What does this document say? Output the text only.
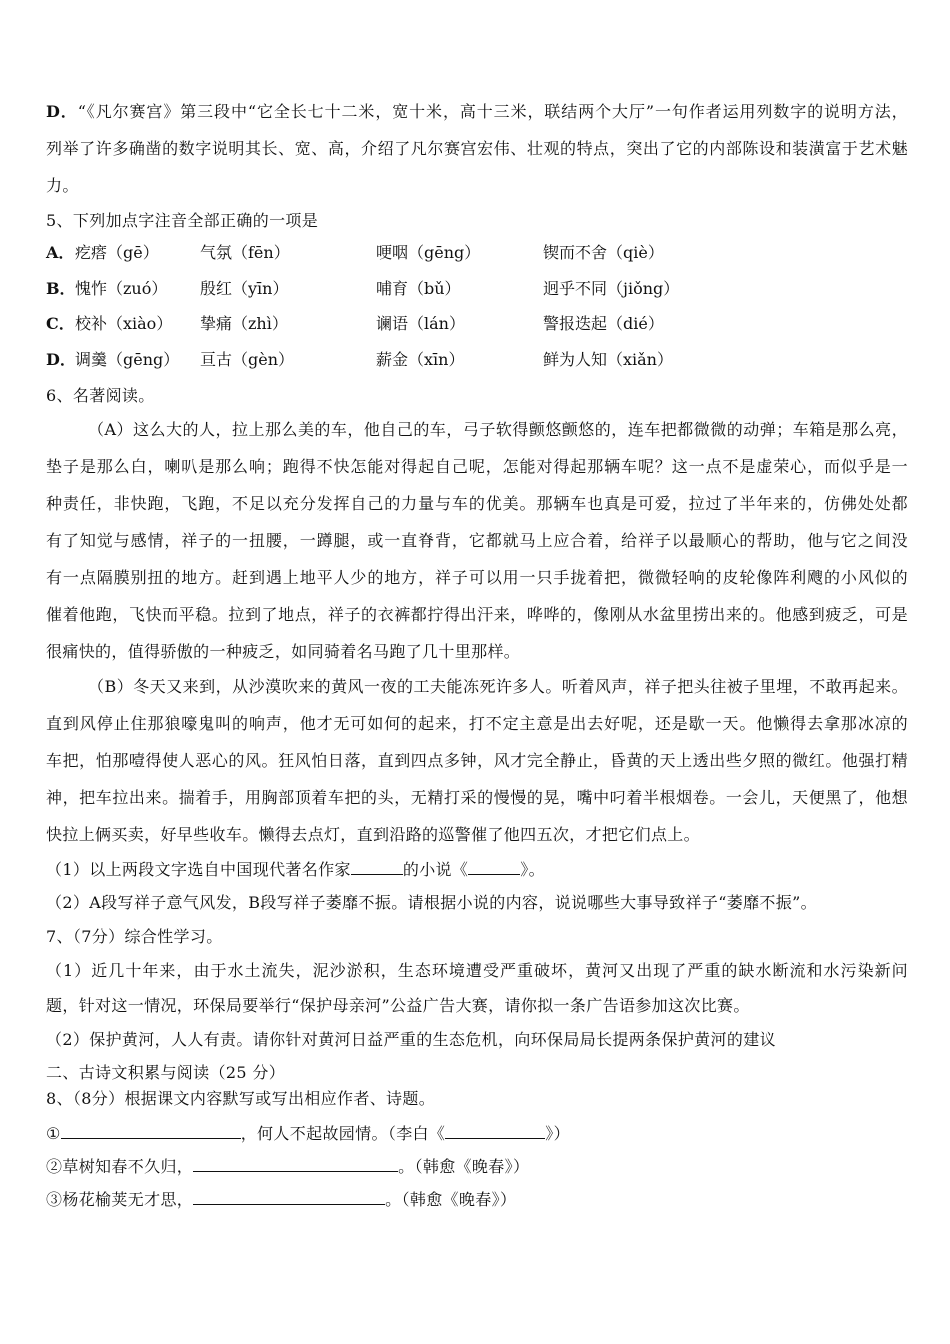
D．“《凡尔赛宫》第三段中“它全长七十二米，宽十米，高十三米，联结两个大厅”一句作者运用列数字的说明方法，
列举了许多确凿的数字说明其长、宽、高，介绍了凡尔赛宫宏伟、壮观的特点，突出了它的内部陈设和装潢富于艺术魅
力。
5、下列加点字注音全部正确的一项是
A． 疙瘩（gē）	气氛（fēn）	哽咽（gēng）	锲而不舍（qiè）
B． 愧怍（zuó） 殷红（yīn）	哺育（bǔ）	迥乎不同（jiǒng）
C． 校补（xiào） 挚痛（zhì）	谰语（lán）	警报迭起（dié）
D． 调羹（gēng） 亘古（gèn）	薪金（xīn）	鲜为人知（xiǎn）
6、名著阅读。
（A）这么大的人，拉上那么美的车，他自己的车，弓子软得颤悠颤悠的，连车把都微微的动弹；车箱是那么亮，
垫子是那么白，喇叭是那么响；跑得不快怎能对得起自己呢，怎能对得起那辆车呢？这一点不是虚荣心，而似乎是一
种责任，非快跑，飞跑，不足以充分发挥自己的力量与车的优美。那辆车也真是可爱，拉过了半年来的，仿佛处处都
有了知觉与感情，祥子的一扭腰，一蹲腿，或一直脊背，它都就马上应合着，给祥子以最顺心的帮助，他与它之间没
有一点隔膜别扭的地方。赶到遇上地平人少的地方，祥子可以用一只手拢着把，微微轻响的皮轮像阵利飕的小风似的
催着他跑，飞快而平稳。拉到了地点，祥子的衣裤都拧得出汗来，哗哗的，像刚从水盆里捞出来的。他感到疲乏，可是
很痛快的，值得骄傲的一种疲乏，如同骑着名马跑了几十里那样。
（B）冬天又来到，从沙漠吹来的黄风一夜的工夫能冻死许多人。听着风声，祥子把头往被子里埋，不敢再起来。
直到风停止住那狼嚎鬼叫的响声，他才无可如何的起来，打不定主意是出去好呢，还是歇一天。他懒得去拿那冰凉的
车把，怕那噎得使人恶心的风。狂风怕日落，直到四点多钟，风才完全静止，昏黄的天上透出些夕照的微红。他强打精
神，把车拉出来。揣着手，用胸部顶着车把的头，无精打采的慢慢的晃，嘴中叼着半根烟卷。一会儿，天便黑了，他想
快拉上俩买卖，好早些收车。懒得去点灯，直到沿路的巡警催了他四五次，才把它们点上。
（1）以上两段文字选自中国现代著名作家	的小说《	》。
（2）A段写祥子意气风发，B段写祥子萎靡不振。请根据小说的内容，说说哪些大事导致祥子“萎靡不振”。
7、（7分）综合性学习。
（1）近几十年来，由于水土流失，泥沙淤积，生态环境遭受严重破坏，黄河又出现了严重的缺水断流和水污染新问
题，针对这一情况，环保局要举行“保护母亲河”公益广告大赛，请你拟一条广告语参加这次比赛。
（2）保护黄河，人人有责。请你针对黄河日益严重的生态危机，向环保局局长提两条保护黄河的建议
二、古诗文积累与阅读（25 分）
8、（8分）根据课文内容默写或写出相应作者、诗题。
①	，何人不起故园情。（李白《	》）
②草树知春不久归，	。（韩愈《晚春》）
③杨花榆荚无才思，	。（韩愈《晚春》）
